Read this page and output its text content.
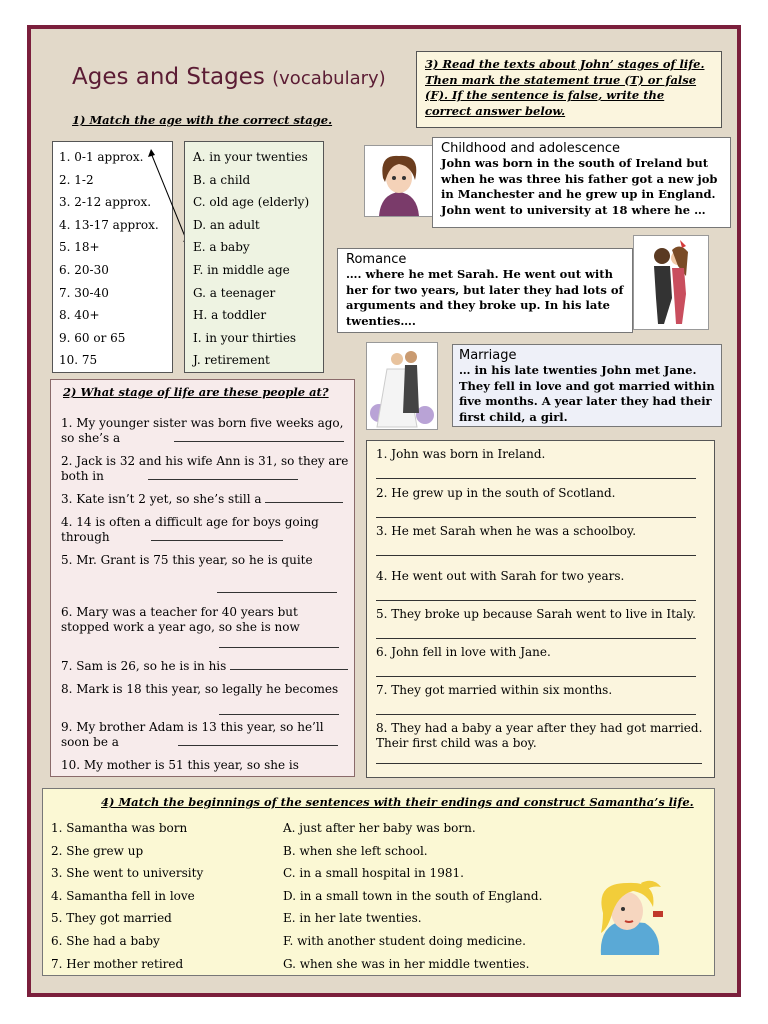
Ages and Stages (vocabulary)
1) Match the age with the correct stage.
1. 0-1 approx.
2. 1-2
3. 2-12 approx.
4. 13-17 approx.
5. 18+
6. 20-30
7. 30-40
8. 40+
9. 60 or 65
10. 75
A. in your twenties
B. a child
C. old age (elderly)
D. an adult
E. a baby
F. in middle age
G. a teenager
H. a toddler
I. in your thirties
J. retirement
2) What stage of life are these people at?
1. My younger sister was born five weeks ago,
so she’s a
2. Jack is 32 and his wife Ann is 31, so they are
both in
3. Kate isn’t 2 yet, so she’s still a
4. 14 is often a difficult age for boys going
through
5. Mr. Grant is 75 this year, so he is quite
6. Mary was a teacher for 40 years but
stopped work a year ago, so she is now
7. Sam is 26, so he is in his
8. Mark is 18 this year, so legally he becomes
9. My brother Adam is 13 this year, so he’ll
soon be a
10. My mother is 51 this year, so she is
3) Read the texts about John’ stages of life. Then mark the statement true (T) or false (F). If the sentence is false, write the correct answer below.
Childhood and adolescence
John was born in the south of Ireland but when he was three his father got a new job in Manchester and he grew up in England. John went to university at 18 where he …
Romance
…. where he met Sarah. He went out with her for two years, but later they had lots of arguments and they broke up. In his late twenties….
Marriage
… in his late twenties John met Jane. They fell in love and got married within five months. A year later they had their first child, a girl.
1. John was born in Ireland.
2. He grew up in the south of Scotland.
3. He met Sarah when he was a schoolboy.
4. He went out with Sarah for two years.
5. They broke up because Sarah went to live in Italy.
6. John fell in love with Jane.
7. They got married within six months.
8. They had a baby a year after they had got married.
Their first child was a boy.
4) Match the beginnings of the sentences with their endings and construct Samantha’s life.
1. Samantha was born
2. She grew up
3. She went to university
4. Samantha fell in love
5. They got married
6. She had a baby
7. Her mother retired
A. just after her baby was born.
B. when she left school.
C. in a small hospital in 1981.
D. in a small town in the south of England.
E. in her late twenties.
F. with another student doing medicine.
G. when she was in her middle twenties.
